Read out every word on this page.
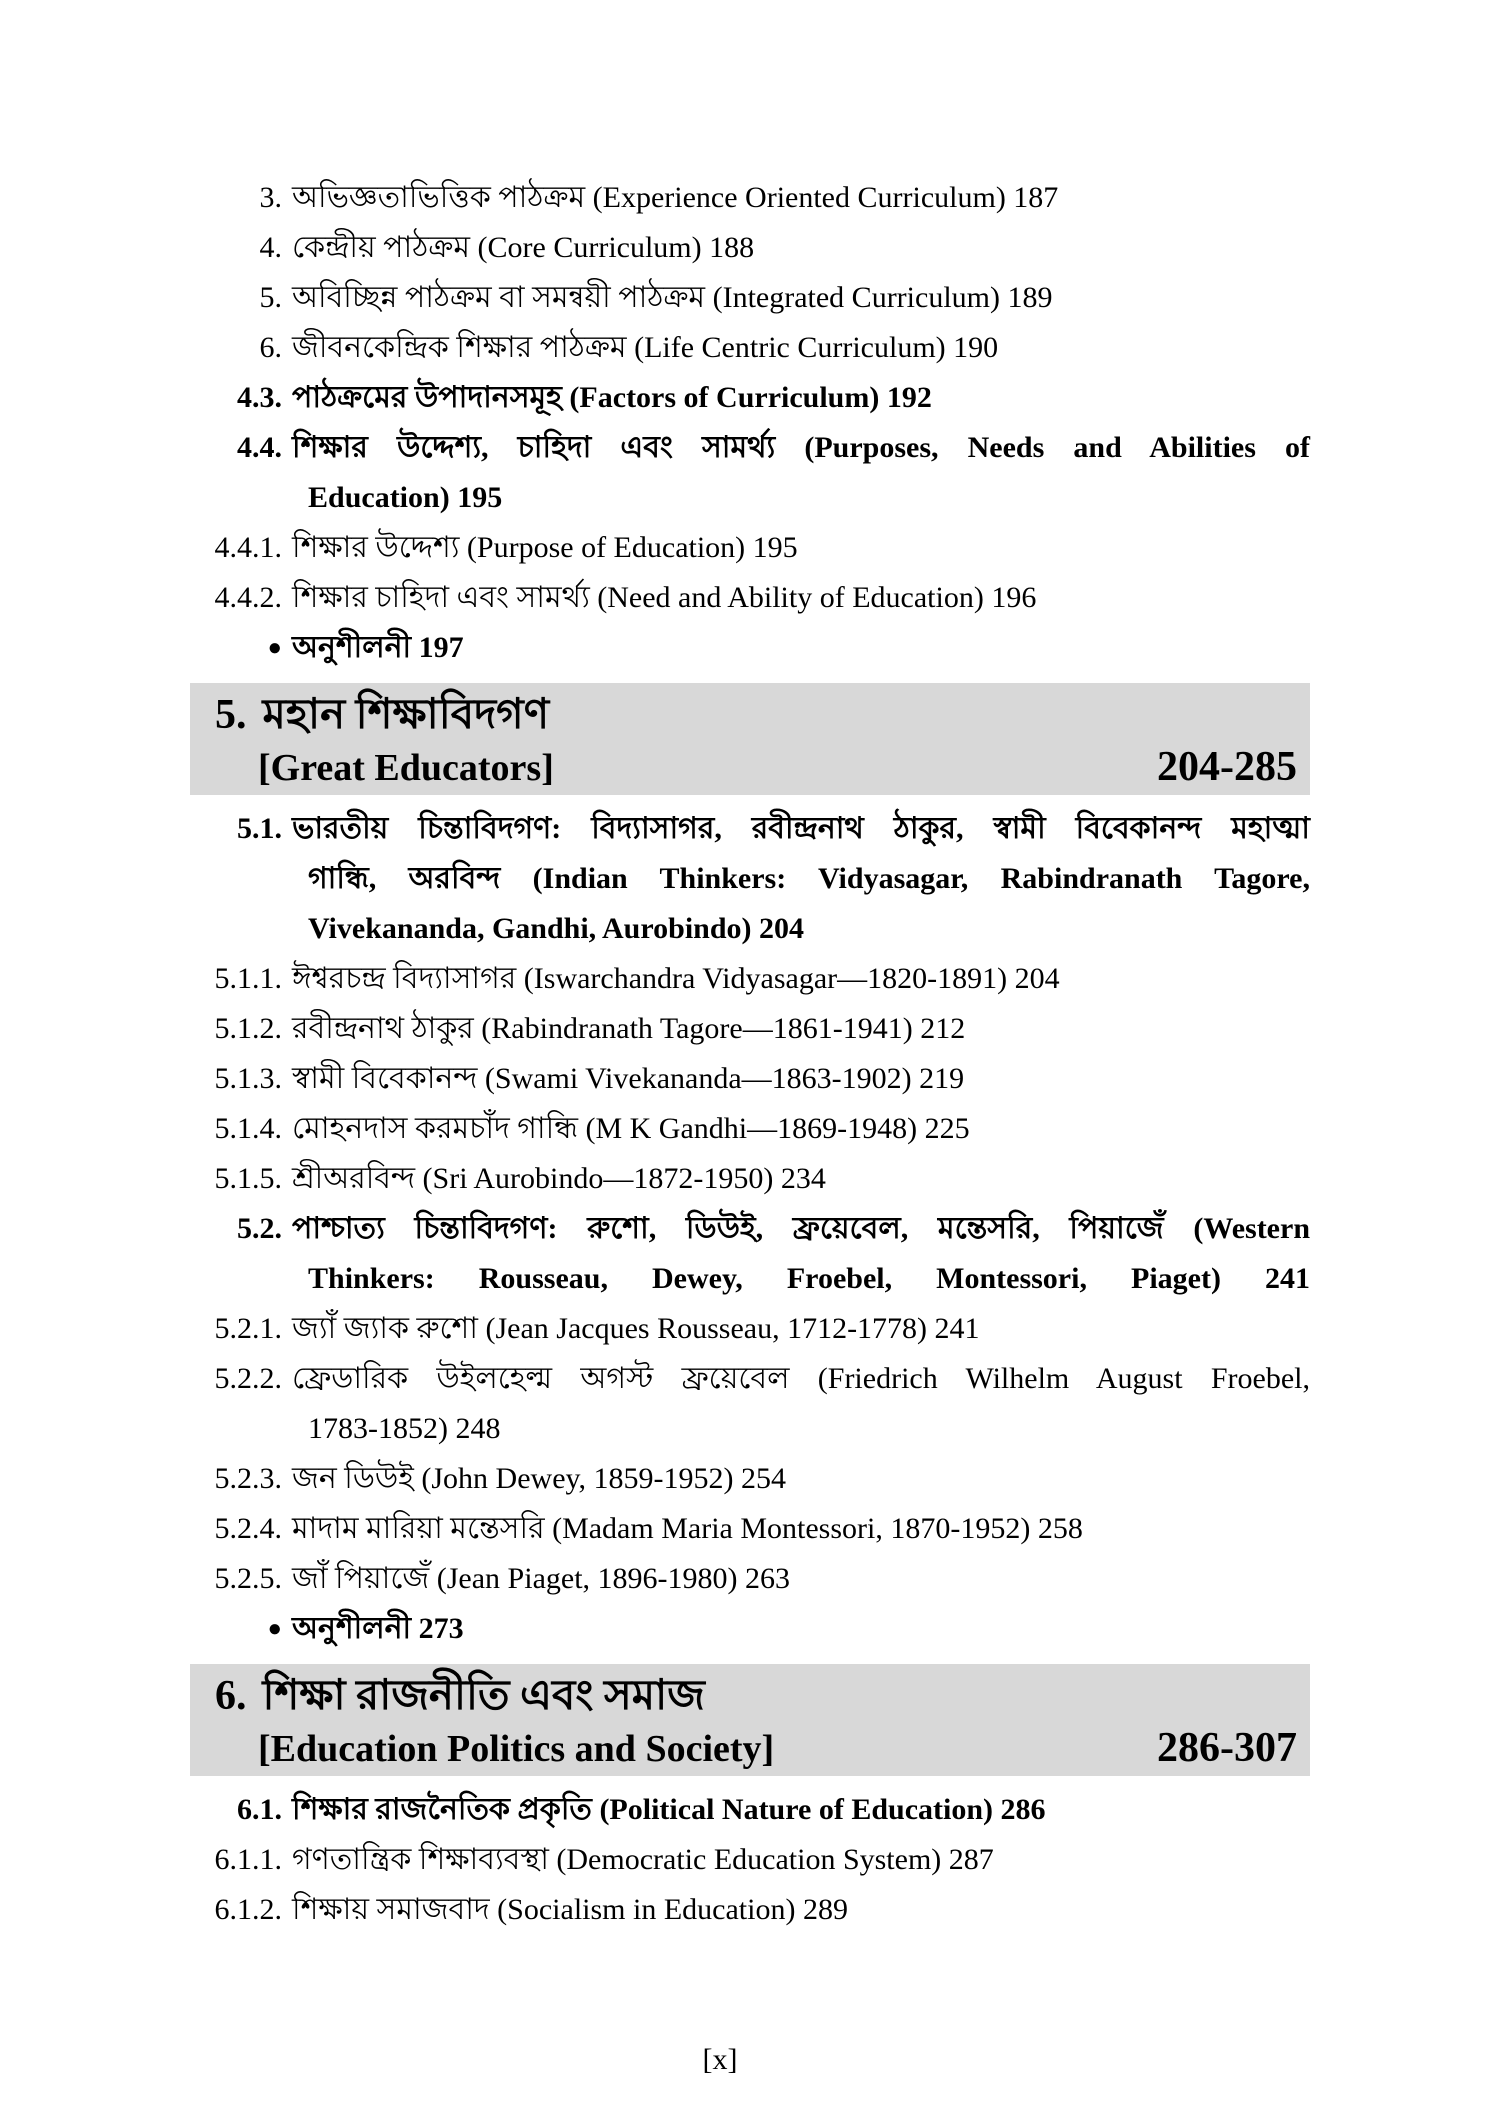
3. অভিজ্ঞতাভিত্তিক পাঠক্রম (Experience Oriented Curriculum) 187
4. কেন্দ্রীয় পাঠক্রম (Core Curriculum) 188
5. অবিচ্ছিন্ন পাঠক্রম বা সমন্বয়ী পাঠক্রম (Integrated Curriculum) 189
6. জীবনকেন্দ্রিক শিক্ষার পাঠক্রম (Life Centric Curriculum) 190
4.3. পাঠক্রমের উপাদানসমূহ (Factors of Curriculum) 192
4.4. শিক্ষার উদ্দেশ্য, চাহিদা এবং সামর্থ্য (Purposes, Needs and Abilities of
Education) 195
4.4.1. শিক্ষার উদ্দেশ্য (Purpose of Education) 195
4.4.2. শিক্ষার চাহিদা এবং সামর্থ্য (Need and Ability of Education) 196
● অনুশীলনী 197
5. মহান শিক্ষাবিদগণ
[Great Educators]	204-285
5.1. ভারতীয় চিন্তাবিদগণ: বিদ্যাসাগর, রবীন্দ্রনাথ ঠাকুর, স্বামী বিবেকানন্দ মহাত্মা
গান্ধি, অরবিন্দ (Indian Thinkers: Vidyasagar, Rabindranath Tagore,
Vivekananda, Gandhi, Aurobindo) 204
5.1.1. ঈশ্বরচন্দ্র বিদ্যাসাগর (Iswarchandra Vidyasagar—1820-1891) 204
5.1.2. রবীন্দ্রনাথ ঠাকুর (Rabindranath Tagore—1861-1941) 212
5.1.3. স্বামী বিবেকানন্দ (Swami Vivekananda—1863-1902) 219
5.1.4. মোহনদাস করমচাঁদ গান্ধি (M K Gandhi—1869-1948) 225
5.1.5. শ্রীঅরবিন্দ (Sri Aurobindo—1872-1950) 234
5.2. পাশ্চাত্য চিন্তাবিদগণ: রুশো, ডিউই, ফ্রয়েবেল, মন্তেসরি, পিয়াজেঁ (Western
Thinkers: Rousseau, Dewey, Froebel, Montessori, Piaget) 241
5.2.1. জ্যাঁ জ্যাক রুশো (Jean Jacques Rousseau, 1712-1778) 241
5.2.2. ফ্রেডারিক উইলহেল্ম অগস্ট ফ্রয়েবেল (Friedrich Wilhelm August Froebel,
1783-1852) 248
5.2.3. জন ডিউই (John Dewey, 1859-1952) 254
5.2.4. মাদাম মারিয়া মন্তেসরি (Madam Maria Montessori, 1870-1952) 258
5.2.5. জাঁ পিয়াজেঁ (Jean Piaget, 1896-1980) 263
● অনুশীলনী 273
6. শিক্ষা রাজনীতি এবং সমাজ
[Education Politics and Society]	286-307
6.1. শিক্ষার রাজনৈতিক প্রকৃতি (Political Nature of Education) 286
6.1.1. গণতান্ত্রিক শিক্ষাব্যবস্থা (Democratic Education System) 287
6.1.2. শিক্ষায় সমাজবাদ (Socialism in Education) 289
[x]
